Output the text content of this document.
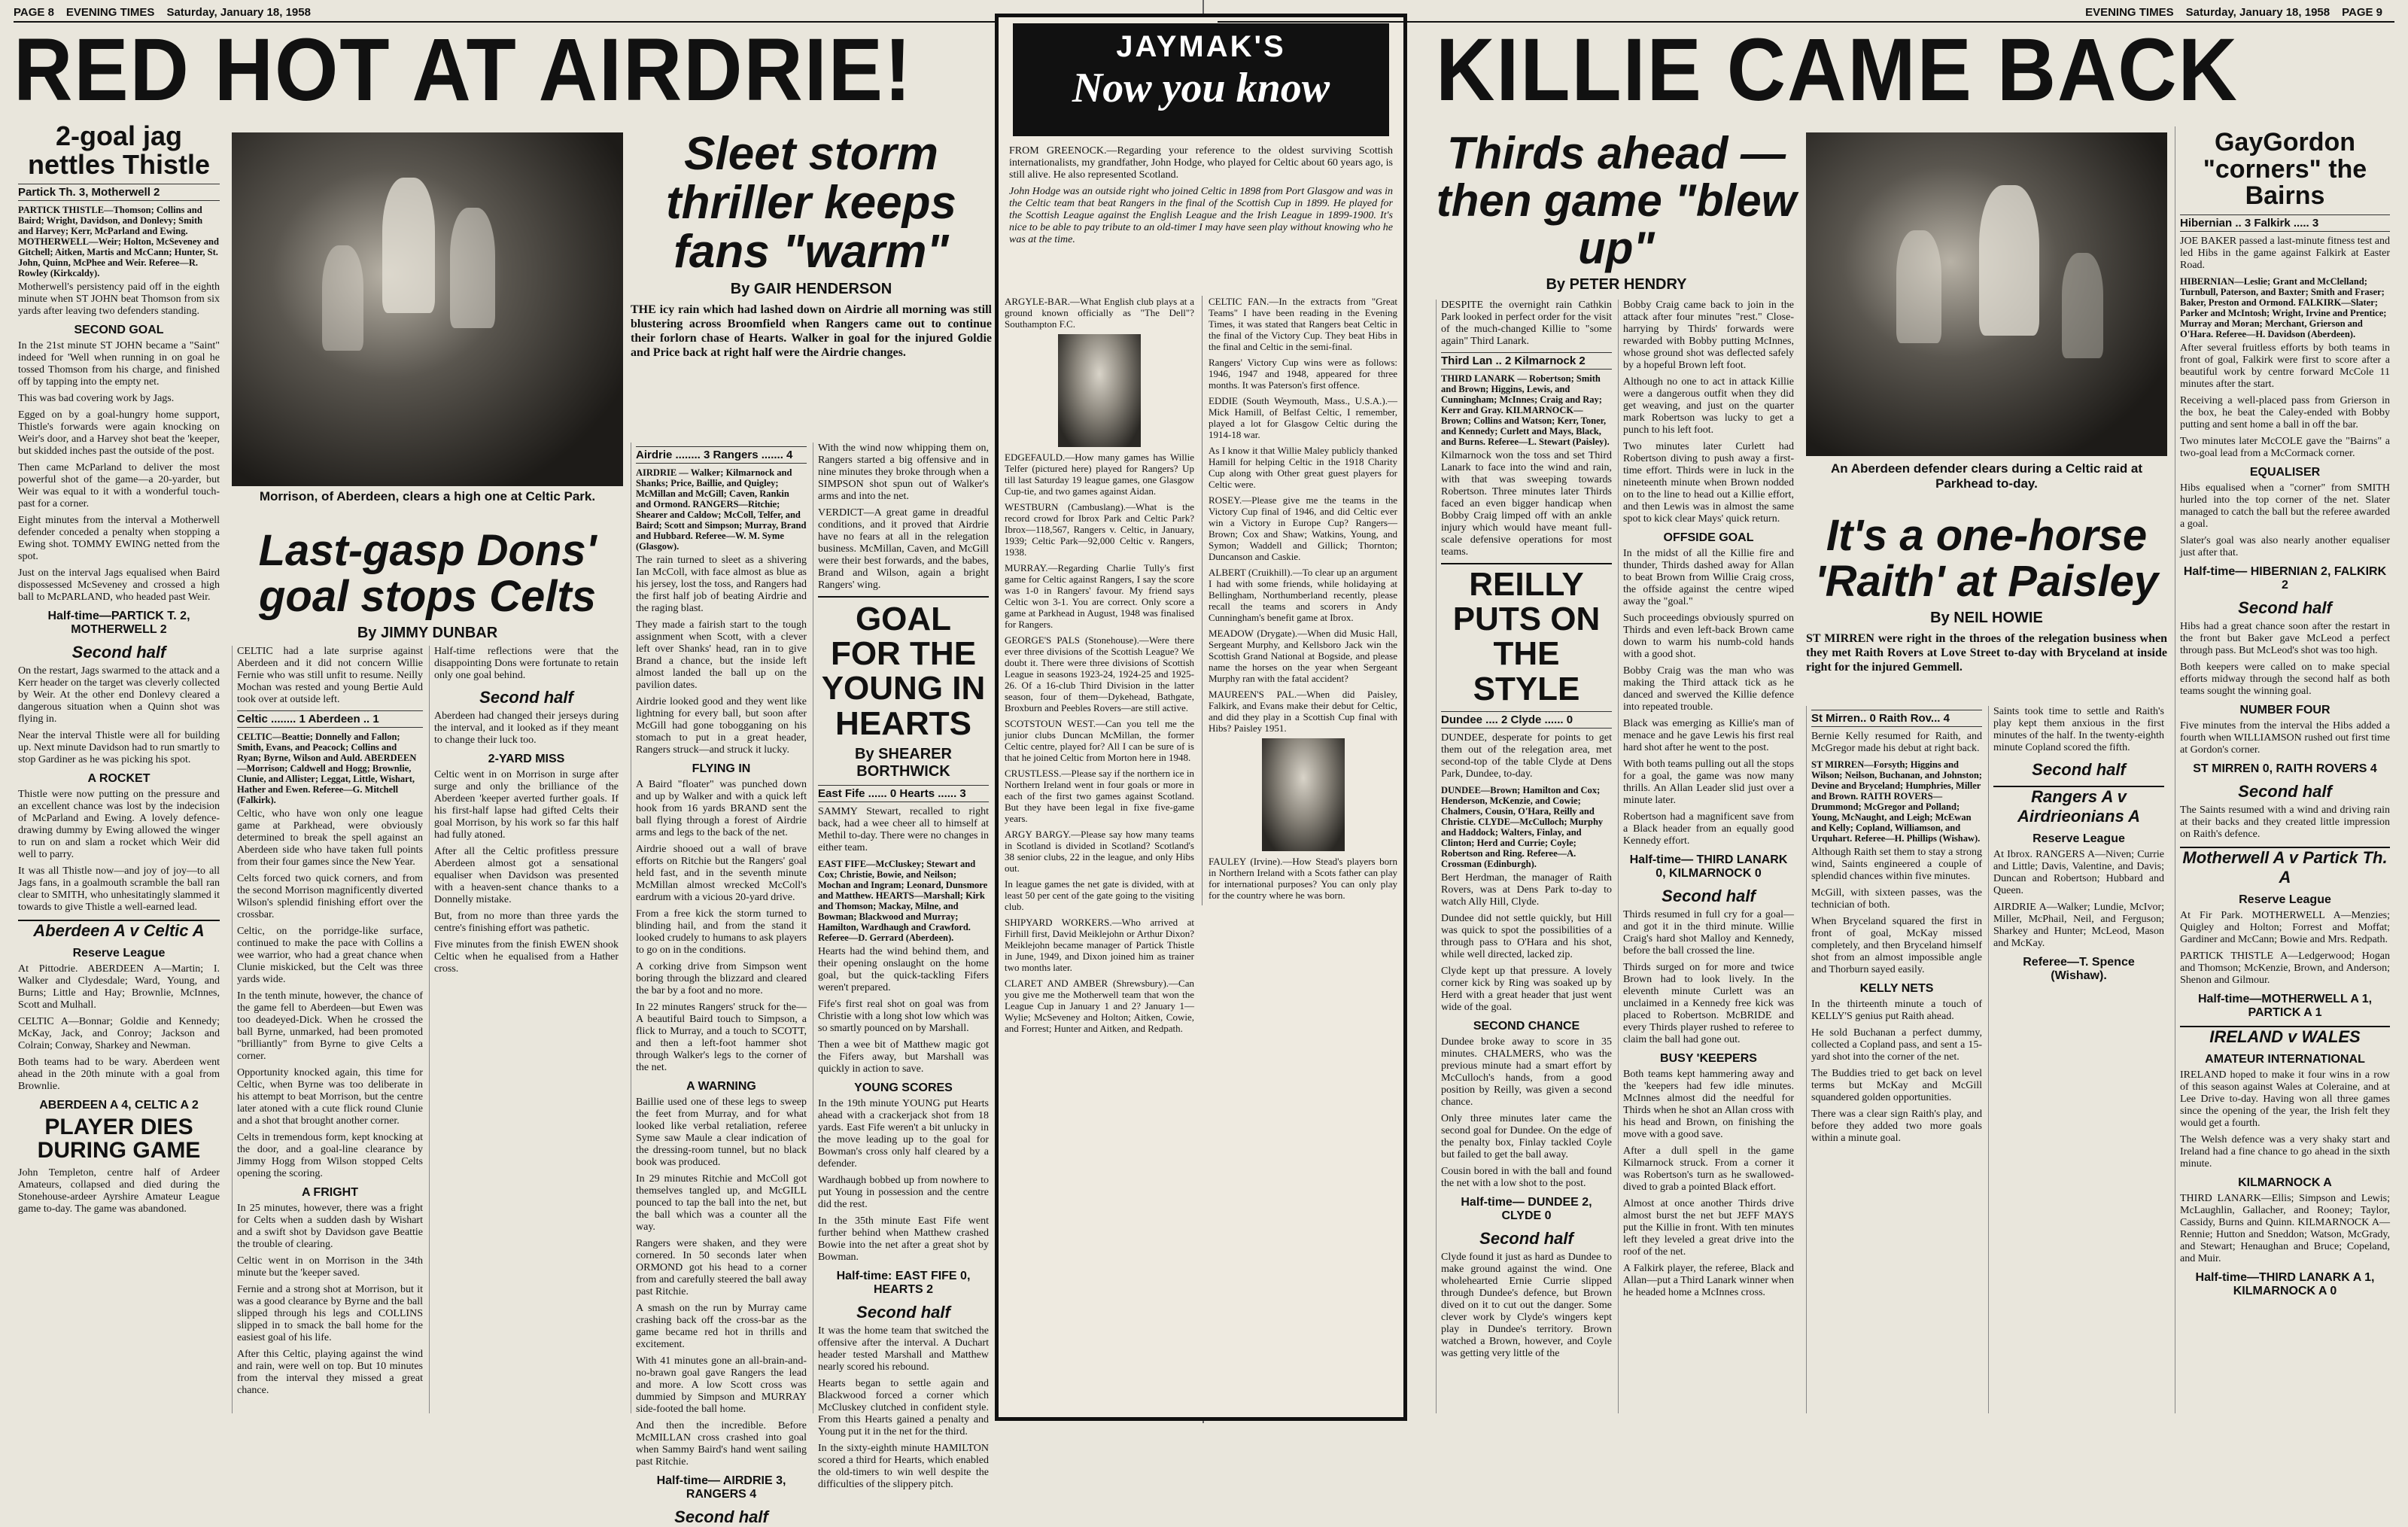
PAGE 8 EVENING TIMES Saturday, January 18, 1958
RED HOT AT AIRDRIE!
2-goal jag nettles Thistle
Partick Th. 3, Motherwell 2
PARTICK THISTLE—Thomson; Collins and Baird; Wright, Davidson, and Donlevy; Smith and Harvey; Kerr, McParland and Ewing. MOTHERWELL—Weir; Holton, McSeveney and Gitchell; Aitken, Martis and McCann; Hunter, St. John, Quinn, McPhee and Weir. Referee—R. Rowley (Kirkcaldy).

Motherwell's persistency paid off in the eighth minute when ST JOHN beat Thomson from six yards after leaving two defenders standing.

SECOND GOAL

In the 21st minute ST JOHN became a "Saint" indeed for 'Well when running in on goal he tossed Thomson from his charge, and finished off by tapping into the empty net.

This was bad covering work by Jags.

Egged on by a goal-hungry home support, Thistle's forwards were again knocking on Weir's door, and a Harvey shot beat the 'keeper, but skidded inches past the outside of the post.

Then came McParland to deliver the most powerful shot of the game—a 20-yarder, but Weir was equal to it with a wonderful touch-past for a corner.

Eight minutes from the interval a Motherwell defender conceded a penalty when stopping a Ewing shot. TOMMY EWING netted from the spot.

Just on the interval Jags equalised when Baird dispossessed McSeveney and crossed a high ball to McPARLAND, who headed past Weir.

Half-time—PARTICK T. 2, MOTHERWELL 2
Second half

On the restart, Jags swarmed to the attack and a Kerr header on the target was cleverly collected by Weir. At the other end Donlevy cleared a dangerous situation when a Quinn shot was flying in.

Near the interval Thistle were all for building up. Next minute Davidson had to run smartly to stop Gardiner as he was picking his spot.

A ROCKET

Thistle were now putting on the pressure and an excellent chance was lost by the indecision of McParland and Ewing. A lovely defence-drawing dummy by Ewing allowed the winger to run on and slam a rocket which Weir did well to parry.

It was all Thistle now—and joy of joy—to all Jags fans, in a goalmouth scramble the ball ran clear to SMITH, who unhesitatingly slammed it towards to give Thistle a well-earned lead.

Aberdeen A v Celtic A
Reserve League

At Pittodrie. ABERDEEN A—Martin; I. Walker and Clydesdale; Ward, Young, and Burns; Little and Hay; Brownlie, McInnes, Scott and Mulhall.

CELTIC A—Bonnar; Goldie and Kennedy; McKay, Jack, and Conroy; Jackson and Colrain; Conway, Sharkey and Newman.

Both teams had to be wary. Aberdeen went ahead in the 20th minute with a goal from Brownlie.

ABERDEEN A 4, CELTIC A 2
PLAYER DIES DURING GAME

John Templeton, centre half of Ardeer Amateurs, collapsed and died during the Stonehouse-ardeer Ayrshire Amateur League game to-day. The game was abandoned.

Morrison, of Aberdeen, clears a high one at Celtic Park.
Last-gasp Dons' goal stops Celts
By JIMMY DUNBAR

CELTIC had a late surprise against Aberdeen and it did not concern Willie Fernie who was still unfit to resume. Neilly Mochan was rested and young Bertie Auld took over at outside left.

Celtic ........ 1 Aberdeen .. 1
CELTIC—Beattie; Donnelly and Fallon; Smith, Evans, and Peacock; Collins and Ryan; Byrne, Wilson and Auld. ABERDEEN—Morrison; Caldwell and Hogg; Brownlie, Clunie, and Allister; Leggat, Little, Wishart, Hather and Ewen. Referee—G. Mitchell (Falkirk).

Celtic, who have won only one league game at Parkhead, were obviously determined to break the spell against an Aberdeen side who have taken full points from their four games since the New Year.

Celts forced two quick corners, and from the second Morrison magnificently diverted Wilson's splendid finishing effort over the crossbar.

Celtic, on the porridge-like surface, continued to make the pace with Collins a wee warrior, who had a great chance when Clunie miskicked, but the Celt was three yards wide.

In the tenth minute, however, the chance of the game fell to Aberdeen—but Ewen was too deadeyed-Dick. When he crossed the ball Byrne, unmarked, had been promoted "brilliantly" from Byrne to give Celts a corner.

Opportunity knocked again, this time for Celtic, when Byrne was too deliberate in his attempt to beat Morrison, but the centre later atoned with a cute flick round Clunie and a shot that brought another corner.

Celts in tremendous form, kept knocking at the door, and a goal-line clearance by Jimmy Hogg from Wilson stopped Celts opening the scoring.

A FRIGHT

In 25 minutes, however, there was a fright for Celts when a sudden dash by Wishart and a swift shot by Davidson gave Beattie the trouble of clearing.

Celtic went in on Morrison in the 34th minute but the 'keeper saved.

Fernie and a strong shot at Morrison, but it was a good clearance by Byrne and the ball slipped through his legs and COLLINS slipped in to smack the ball home for the easiest goal of his life.

After this Celtic, playing against the wind and rain, were well on top. But 10 minutes from the interval they missed a great chance.

Half-time reflections were that the disappointing Dons were fortunate to retain only one goal behind.

Second half

Aberdeen had changed their jerseys during the interval, and it looked as if they meant to change their luck too.

2-YARD MISS

Celtic went in on Morrison in surge after surge and only the brilliance of the Aberdeen 'keeper averted further goals. If his first-half lapse had gifted Celts their goal Morrison, by his work so far this half had fully atoned.

After all the Celtic profitless pressure Aberdeen almost got a sensational equaliser when Davidson was presented with a heaven-sent chance thanks to a Donnelly mistake.

But, from no more than three yards the centre's finishing effort was pathetic.

Five minutes from the finish EWEN shook Celtic when he equalised from a Hather cross.

Sleet storm thriller keeps fans "warm"
By GAIR HENDERSON

THE icy rain which had lashed down on Airdrie all morning was still blustering across Broomfield when Rangers came out to continue their forlorn chase of Hearts. Walker in goal for the injured Goldie and Price back at right half were the Airdrie changes.

Airdrie ........ 3 Rangers ....... 4
AIRDRIE — Walker; Kilmarnock and Shanks; Price, Baillie, and Quigley; McMillan and McGill; Caven, Rankin and Ormond. RANGERS—Ritchie; Shearer and Caldow; McColl, Telfer, and Baird; Scott and Simpson; Murray, Brand and Hubbard. Referee—W. M. Syme (Glasgow).

The rain turned to sleet as a shivering Ian McColl, with face almost as blue as his jersey, lost the toss, and Rangers had the first half job of beating Airdrie and the raging blast.

They made a fairish start to the tough assignment when Scott, with a clever left over Shanks' head, ran in to give Brand a chance, but the inside left almost landed the ball up on the pavilion dates.

Airdrie looked good and they went like lightning for every ball, but soon after McGill had gone tobogganing on his stomach to put in a great header, Rangers struck—and struck it lucky.

FLYING IN

A Baird "floater" was punched down and up by Walker and with a quick left hook from 16 yards BRAND sent the ball flying through a forest of Airdrie arms and legs to the back of the net.

Airdrie shooed out a wall of brave efforts on Ritchie but the Rangers' goal held fast, and in the seventh minute McMillan almost wrecked McColl's eardrum with a vicious 20-yard drive.

From a free kick the storm turned to blinding hail, and from the stand it looked crudely to humans to ask players to go on in the conditions.

A corking drive from Simpson went boring through the blizzard and cleared the bar by a foot and no more.

In 22 minutes Rangers' struck for the—A beautiful Baird touch to Simpson, a flick to Murray, and a touch to SCOTT, and then a left-foot hammer shot through Walker's legs to the corner of the net.

A WARNING

Baillie used one of these legs to sweep the feet from Murray, and for what looked like verbal retaliation, referee Syme saw Maule a clear indication of the dressing-room tunnel, but no black book was produced.

In 29 minutes Ritchie and McColl got themselves tangled up, and McGILL pounced to tap the ball into the net, but the ball which was a counter all the way.

Rangers were shaken, and they were cornered. In 50 seconds later when ORMOND got his head to a corner from and carefully steered the ball away past Ritchie.

A smash on the run by Murray came crashing back off the cross-bar as the game became red hot in thrills and excitement.

With 41 minutes gone an all-brain-and-no-brawn goal gave Rangers the lead and more. A low Scott cross was dummied by Simpson and MURRAY side-footed the ball home.

And then the incredible. Before McMILLAN cross crashed into goal when Sammy Baird's hand went sailing past Ritchie.

Half-time— AIRDRIE 3, RANGERS 4
Second half

With the wind now whipping them on, Rangers started a big offensive and in nine minutes they broke through when a SIMPSON shot spun out of Walker's arms and into the net.

VERDICT—A great game in dreadful conditions, and it proved that Airdrie have no fears at all in the relegation business. McMillan, Caven, and McGill were their best forwards, and the babes, Brand and Wilson, again a bright Rangers' wing.

GOAL FOR THE YOUNG IN HEARTS
By SHEARER BORTHWICK
East Fife ...... 0 Hearts ...... 3

SAMMY Stewart, recalled to right back, had a wee cheer all to himself at Methil to-day. There were no changes in either team.

EAST FIFE—McCluskey; Stewart and Cox; Christie, Bowie, and Neilson; Mochan and Ingram; Leonard, Dunsmore and Matthew. HEARTS—Marshall; Kirk and Thomson; Mackay, Milne, and Bowman; Blackwood and Murray; Hamilton, Wardhaugh and Crawford. Referee—D. Gerrard (Aberdeen).

Hearts had the wind behind them, and their opening onslaught on the home goal, but the quick-tackling Fifers weren't prepared.

Fife's first real shot on goal was from Christie with a long shot low which was so smartly pounced on by Marshall.

Then a wee bit of Matthew magic got the Fifers away, but Marshall was quickly in action to save.

YOUNG SCORES

In the 19th minute YOUNG put Hearts ahead with a crackerjack shot from 18 yards. East Fife weren't a bit unlucky in the move leading up to the goal for Bowman's cross only half cleared by a defender.

Wardhaugh bobbed up from nowhere to put Young in possession and the centre did the rest.

In the 35th minute East Fife went further behind when Matthew crashed Bowie into the net after a great shot by Bowman.

Half-time: EAST FIFE 0, HEARTS 2
Second half

It was the home team that switched the offensive after the interval. A Duchart header tested Marshall and Matthew nearly scored his rebound.

Hearts began to settle again and Blackwood forced a corner which McCluskey clutched in confident style. From this Hearts gained a penalty and Young put it in the net for the third.

In the sixty-eighth minute HAMILTON scored a third for Hearts, which enabled the old-timers to win well despite the difficulties of the slippery pitch.

JAYMAK'S
Now you know

FROM GREENOCK.—Regarding your reference to the oldest surviving Scottish internationalists, my grandfather, John Hodge, who played for Celtic about 60 years ago, is still alive. He also represented Scotland.

John Hodge was an outside right who joined Celtic in 1898 from Port Glasgow and was in the Celtic team that beat Rangers in the final of the Scottish Cup in 1899. He played for the Scottish League against the English League and the Irish League in 1899-1900. It's nice to be able to pay tribute to an old-timer I may have seen play without knowing who he was at the time.

ARGYLE-BAR.—What English club plays at a ground known officially as "The Dell"? Southampton F.C.

EDGEFAULD.—How many games has Willie Telfer (pictured here) played for Rangers? Up till last Saturday 19 league games, one Glasgow Cup-tie, and two games against Aidan.

WESTBURN (Cambuslang).—What is the record crowd for Ibrox Park and Celtic Park? Ibrox—118,567, Rangers v. Celtic, in January, 1939; Celtic Park—92,000 Celtic v. Rangers, 1938.

MURRAY.—Regarding Charlie Tully's first game for Celtic against Rangers, I say the score was 1-0 in Rangers' favour. My friend says Celtic won 3-1. You are correct. Only score a game at Parkhead in August, 1948 was finalised for Rangers.

GEORGE'S PALS (Stonehouse).—Were there ever three divisions of the Scottish League? We doubt it. There were three divisions of Scottish League in seasons 1923-24, 1924-25 and 1925-26. Of a 16-club Third Division in the latter season, four of them—Dykehead, Bathgate, Broxburn and Peebles Rovers—are still active.

SCOTSTOUN WEST.—Can you tell me the junior clubs Duncan McMillan, the former Celtic centre, played for? All I can be sure of is that he joined Celtic from Morton here in 1948.

CRUSTLESS.—Please say if the northern ice in Northern Ireland went in four goals or more in each of the first two games against Scotland. But they have been legal in fixe five-game years.

ARGY BARGY.—Please say how many teams in Scotland is divided in Scotland? Scotland's 38 senior clubs, 22 in the league, and only Hibs out.

In league games the net gate is divided, with at least 50 per cent of the gate going to the visiting club.

SHIPYARD WORKERS.—Who arrived at Firhill first, David Meiklejohn or Arthur Dixon? Meiklejohn became manager of Partick Thistle in June, 1949, and Dixon joined him as trainer two months later.

CLARET AND AMBER (Shrewsbury).—Can you give me the Motherwell team that won the League Cup in January 1 and 2? January 1—Wylie; McSeveney and Holton; Aitken, Cowie, and Forrest; Hunter and Aitken, and Redpath.

CELTIC FAN.—In the extracts from "Great Teams" I have been reading in the Evening Times, it was stated that Rangers beat Celtic in the final of the Victory Cup. They beat Hibs in the final and Celtic in the semi-final.

Rangers' Victory Cup wins were as follows: 1946, 1947 and 1948, appeared for three months. It was Paterson's first offence.

EDDIE (South Weymouth, Mass., U.S.A.).—Mick Hamill, of Belfast Celtic, I remember, played a lot for Glasgow Celtic during the 1914-18 war.

As I know it that Willie Maley publicly thanked Hamill for helping Celtic in the 1918 Charity Cup along with Other great guest players for Celtic were.

ROSEY.—Please give me the teams in the Victory Cup final of 1946, and did Celtic ever win a Victory in Europe Cup? Rangers—Brown; Cox and Shaw; Watkins, Young, and Symon; Waddell and Gillick; Thornton; Duncanson and Caskie.

ALBERT (Cruikhill).—To clear up an argument I had with some friends, while holidaying at Bellingham, Northumberland recently, please recall the teams and scorers in Andy Cunningham's benefit game at Ibrox.

MEADOW (Drygate).—When did Music Hall, Sergeant Murphy, and Kellsboro Jack win the Scottish Grand National at Bogside, and please name the horses on the year when Sergeant Murphy ran with the fatal accident?

MAUREEN'S PAL.—When did Paisley, Falkirk, and Evans make their debut for Celtic, and did they play in a Scottish Cup final with Hibs? Paisley 1951.

FAULEY (Irvine).—How Stead's players born in Northern Ireland with a Scots father can play for international purposes? You can only play for the country where he was born.

EVENING TIMES Saturday, January 18, 1958 PAGE 9
KILLIE CAME BACK
Thirds ahead —then game "blew up"
By PETER HENDRY

DESPITE the overnight rain Cathkin Park looked in perfect order for the visit of the much-changed Killie to "some again" Third Lanark.

Third Lan .. 2 Kilmarnock 2
THIRD LANARK — Robertson; Smith and Brown; Higgins, Lewis, and Cunningham; McInnes; Craig and Ray; Kerr and Gray. KILMARNOCK—Brown; Collins and Watson; Kerr, Toner, and Kennedy; Curlett and Mays, Black, and Burns. Referee—L. Stewart (Paisley).

Kilmarnock won the toss and set Third Lanark to face into the wind and rain, with that was sweeping towards Robertson. Three minutes later Thirds faced an even bigger handicap when Bobby Craig limped off with an ankle injury which would have meant full-scale defensive operations for most teams.

REILLY PUTS ON THE STYLE
Dundee .... 2 Clyde ...... 0

DUNDEE, desperate for points to get them out of the relegation area, met second-top of the table Clyde at Dens Park, Dundee, to-day.

DUNDEE—Brown; Hamilton and Cox; Henderson, McKenzie, and Cowie; Chalmers, Cousin, O'Hara, Reilly and Christie. CLYDE—McCulloch; Murphy and Haddock; Walters, Finlay, and Clinton; Herd and Currie; Coyle; Robertson and Ring. Referee—A. Crossman (Edinburgh).

Bert Herdman, the manager of Raith Rovers, was at Dens Park to-day to watch Ally Hill, Clyde.

Dundee did not settle quickly, but Hill was quick to spot the possibilities of a through pass to O'Hara and his shot, while well directed, lacked zip.

Clyde kept up that pressure. A lovely corner kick by Ring was soaked up by Herd with a great header that just went wide of the goal.

SECOND CHANCE

Dundee broke away to score in 35 minutes. CHALMERS, who was the previous minute had a smart effort by McCulloch's hands, from a good position by Reilly, was given a second chance.

Only three minutes later came the second goal for Dundee. On the edge of the penalty box, Finlay tackled Coyle but failed to get the ball away.

Cousin bored in with the ball and found the net with a low shot to the post.

Half-time— DUNDEE 2, CLYDE 0
Second half

Clyde found it just as hard as Dundee to make ground against the wind. One wholehearted Ernie Currie slipped through Dundee's defence, but Brown dived on it to cut out the danger. Some clever work by Clyde's wingers kept play in Dundee's territory. Brown watched a Brown, however, and Coyle was getting very little of the

Bobby Craig came back to join in the attack after four minutes "rest." Close-harrying by Thirds' forwards were rewarded with Bobby putting McInnes, whose ground shot was deflected safely by a hopeful Brown left foot.

Although no one to act in attack Killie were a dangerous outfit when they did get weaving, and just on the quarter mark Robertson was lucky to get a punch to his left foot.

Two minutes later Curlett had Robertson diving to push away a first-time effort. Thirds were in luck in the nineteenth minute when Brown nodded on to the line to head out a Killie effort, and then Lewis was in almost the same spot to kick clear Mays' quick return.

OFFSIDE GOAL

In the midst of all the Killie fire and thunder, Thirds dashed away for Allan to beat Brown from Willie Craig cross, the offside against the centre wiped away the "goal."

Such proceedings obviously spurred on Thirds and even left-back Brown came down to warm his numb-cold hands with a good shot.

Bobby Craig was the man who was making the Third attack tick as he danced and swerved the Killie defence into repeated trouble.

Black was emerging as Killie's man of menace and he gave Lewis his first real hard shot after he went to the post.

With both teams pulling out all the stops for a goal, the game was now many thrills. An Allan Leader slid just over a minute later.

Robertson had a magnificent save from a Black header from an equally good Kennedy effort.

Half-time— THIRD LANARK 0, KILMARNOCK 0
Second half

Thirds resumed in full cry for a goal—and got it in the third minute. Willie Craig's hard shot Malloy and Kennedy, before the ball crossed the line.

Thirds surged on for more and twice Brown had to look lively. In the eleventh minute Curlett was an unclaimed in a Kennedy free kick was placed to Robertson. McBRIDE and every Thirds player rushed to referee to claim the ball had gone out.

BUSY 'KEEPERS

Both teams kept hammering away and the 'keepers had few idle minutes. McInnes almost did the needful for Thirds when he shot an Allan cross with his head and Brown, on finishing the move with a good save.

After a dull spell in the game Kilmarnock struck. From a corner it was Robertson's turn as he swallowed-dived to grab a pointed Black effort.

Almost at once another Thirds drive almost burst the net but JEFF MAYS put the Killie in front. With ten minutes left they leveled a great drive into the roof of the net.

A Falkirk player, the referee, Black and Allan—put a Third Lanark winner when he headed home a McInnes cross.

An Aberdeen defender clears during a Celtic raid at Parkhead to-day.
It's a one-horse 'Raith' at Paisley
By NEIL HOWIE

ST MIRREN were right in the throes of the relegation business when they met Raith Rovers at Love Street to-day with Bryceland at inside right for the injured Gemmell.

St Mirren.. 0 Raith Rov... 4

Bernie Kelly resumed for Raith, and McGregor made his debut at right back.

ST MIRREN—Forsyth; Higgins and Wilson; Neilson, Buchanan, and Johnston; Devine and Bryceland; Humphries, Miller and Brown. RAITH ROVERS—Drummond; McGregor and Polland; Young, McNaught, and Leigh; McEwan and Kelly; Copland, Williamson, and Urquhart. Referee—H. Phillips (Wishaw).

Although Raith set them to stay a strong wind, Saints engineered a couple of splendid chances within five minutes.

McGill, with sixteen passes, was the technician of both.

When Bryceland squared the first in front of goal, McKay missed completely, and then Bryceland himself shot from an almost impossible angle and Thorburn sayed easily.

KELLY NETS

In the thirteenth minute a touch of KELLY'S genius put Raith ahead.

He sold Buchanan a perfect dummy, collected a Copland pass, and sent a 15-yard shot into the corner of the net.

The Buddies tried to get back on level terms but McKay and McGill squandered golden opportunities.

There was a clear sign Raith's play, and before they added two more goals within a minute goal.

Saints took time to settle and Raith's play kept them anxious in the first minutes of the half. In the twenty-eighth minute Copland scored the fifth.

Second half
Rangers A v Airdrieonians A
Reserve League

At Ibrox. RANGERS A—Niven; Currie and Little; Davis, Valentine, and Davis; Duncan and Robertson; Hubbard and Queen.

AIRDRIE A—Walker; Lundie, McIvor; Miller, McPhail, Neil, and Ferguson; Sharkey and Hunter; McLeod, Mason and McKay.

Referee—T. Spence (Wishaw).
GayGordon "corners" the Bairns
Hibernian .. 3 Falkirk ..... 3

JOE BAKER passed a last-minute fitness test and led Hibs in the game against Falkirk at Easter Road.

HIBERNIAN—Leslie; Grant and McClelland; Turnbull, Paterson, and Baxter; Smith and Fraser; Baker, Preston and Ormond. FALKIRK—Slater; Parker and McIntosh; Wright, Irvine and Prentice; Murray and Moran; Merchant, Grierson and O'Hara. Referee—H. Davidson (Aberdeen).

After several fruitless efforts by both teams in front of goal, Falkirk were first to score after a beautiful work by centre forward McCole 11 minutes after the start.

Receiving a well-placed pass from Grierson in the box, he beat the Caley-ended with Bobby putting and sent home a ball in off the bar.

Two minutes later McCOLE gave the "Bairns" a two-goal lead from a McCormack corner.

EQUALISER

Hibs equalised when a "corner" from SMITH hurled into the top corner of the net. Slater managed to catch the ball but the referee awarded a goal.

Slater's goal was also nearly another equaliser just after that.

Half-time— HIBERNIAN 2, FALKIRK 2
Second half

Hibs had a great chance soon after the restart in the front but Baker gave McLeod a perfect through pass. But McLeod's shot was too high.

Both keepers were called on to make special efforts midway through the second half as both teams sought the winning goal.

NUMBER FOUR

Five minutes from the interval the Hibs added a fourth when WILLIAMSON rushed out first time at Gordon's corner.

ST MIRREN 0, RAITH ROVERS 4
Second half

The Saints resumed with a wind and driving rain at their backs and they created little impression on Raith's defence.

Motherwell A v Partick Th. A
Reserve League

At Fir Park. MOTHERWELL A—Menzies; Quigley and Holton; Forrest and Moffat; Gardiner and McCann; Bowie and Mrs. Redpath.

PARTICK THISTLE A—Ledgerwood; Hogan and Thomson; McKenzie, Brown, and Anderson; Shenon and Gilmour.

Half-time—MOTHERWELL A 1, PARTICK A 1
IRELAND v WALES
AMATEUR INTERNATIONAL

IRELAND hoped to make it four wins in a row of this season against Wales at Coleraine, and at Lee Drive to-day. Having won all three games since the opening of the year, the Irish felt they would get a fourth.

The Welsh defence was a very shaky start and Ireland had a fine chance to go ahead in the sixth minute.

KILMARNOCK A

THIRD LANARK—Ellis; Simpson and Lewis; McLaughlin, Gallacher, and Rooney; Taylor, Cassidy, Burns and Quinn. KILMARNOCK A—Rennie; Hutton and Sneddon; Watson, McGrady, and Stewart; Henaughan and Bruce; Copeland, and Muir.

Half-time—THIRD LANARK A 1, KILMARNOCK A 0
